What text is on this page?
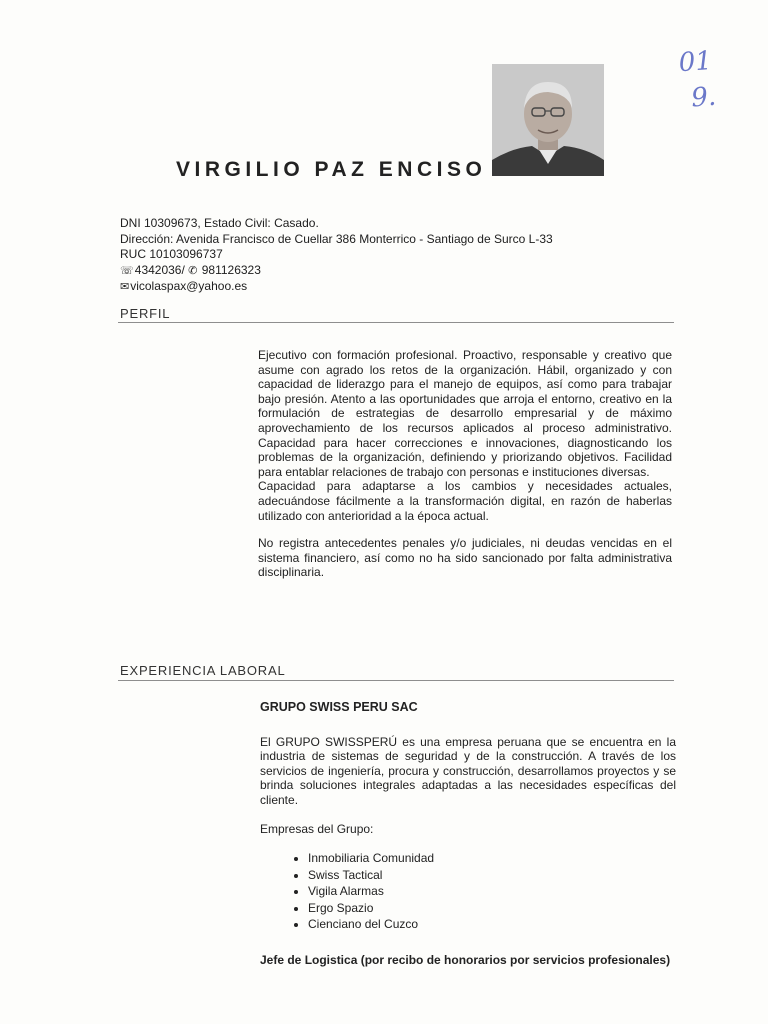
01
9.
VIRGILIO PAZ ENCISO
DNI 10309673, Estado Civil: Casado.
Dirección: Avenida Francisco de Cuellar 386 Monterrico - Santiago de Surco L-33
RUC 10103096737
☏4342036/ ✆ 981126323
✉vicolaspax@yahoo.es
PERFIL

Ejecutivo con formación profesional. Proactivo, responsable y creativo que asume con agrado los retos de la organización. Hábil, organizado y con capacidad de liderazgo para el manejo de equipos, así como para trabajar bajo presión. Atento a las oportunidades que arroja el entorno, creativo en la formulación de estrategias de desarrollo empresarial y de máximo aprovechamiento de los recursos aplicados al proceso administrativo. Capacidad para hacer correcciones e innovaciones, diagnosticando los problemas de la organización, definiendo y priorizando objetivos. Facilidad para entablar relaciones de trabajo con personas e instituciones diversas.

Capacidad para adaptarse a los cambios y necesidades actuales, adecuándose fácilmente a la transformación digital, en razón de haberlas utilizado con anterioridad a la época actual.

No registra antecedentes penales y/o judiciales, ni deudas vencidas en el sistema financiero, así como no ha sido sancionado por falta administrativa disciplinaria.

EXPERIENCIA LABORAL
GRUPO SWISS PERU SAC

El GRUPO SWISSPERÚ es una empresa peruana que se encuentra en la industria de sistemas de seguridad y de la construcción. A través de los servicios de ingeniería, procura y construcción, desarrollamos proyectos y se brinda soluciones integrales adaptadas a las necesidades específicas del cliente.

Empresas del Grupo:

• Inmobiliaria Comunidad
• Swiss Tactical
• Vigila Alarmas
• Ergo Spazio
• Cienciano del Cuzco
Jefe de Logistica (por recibo de honorarios por servicios profesionales)
